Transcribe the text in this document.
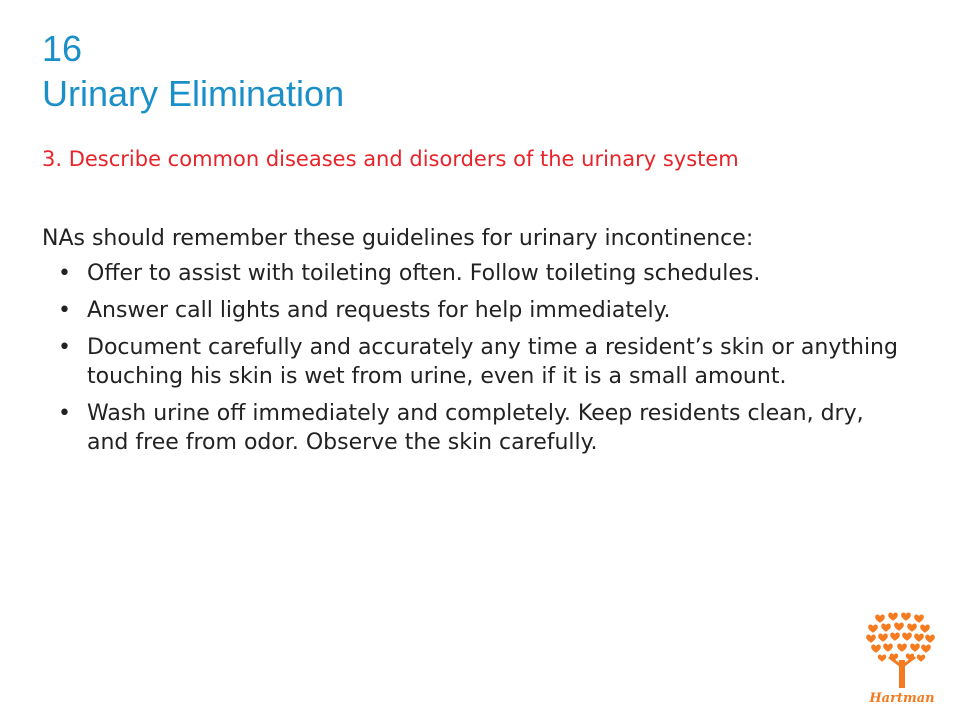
16
Urinary Elimination
3. Describe common diseases and disorders of the urinary system

NAs should remember these guidelines for urinary incontinence:

• Offer to assist with toileting often. Follow toileting schedules.
• Answer call lights and requests for help immediately.
• Document carefully and accurately any time a resident’s skin or anything touching his skin is wet from urine, even if it is a small amount.
• Wash urine off immediately and completely. Keep residents clean, dry, and free from odor. Observe the skin carefully.
Hartman
